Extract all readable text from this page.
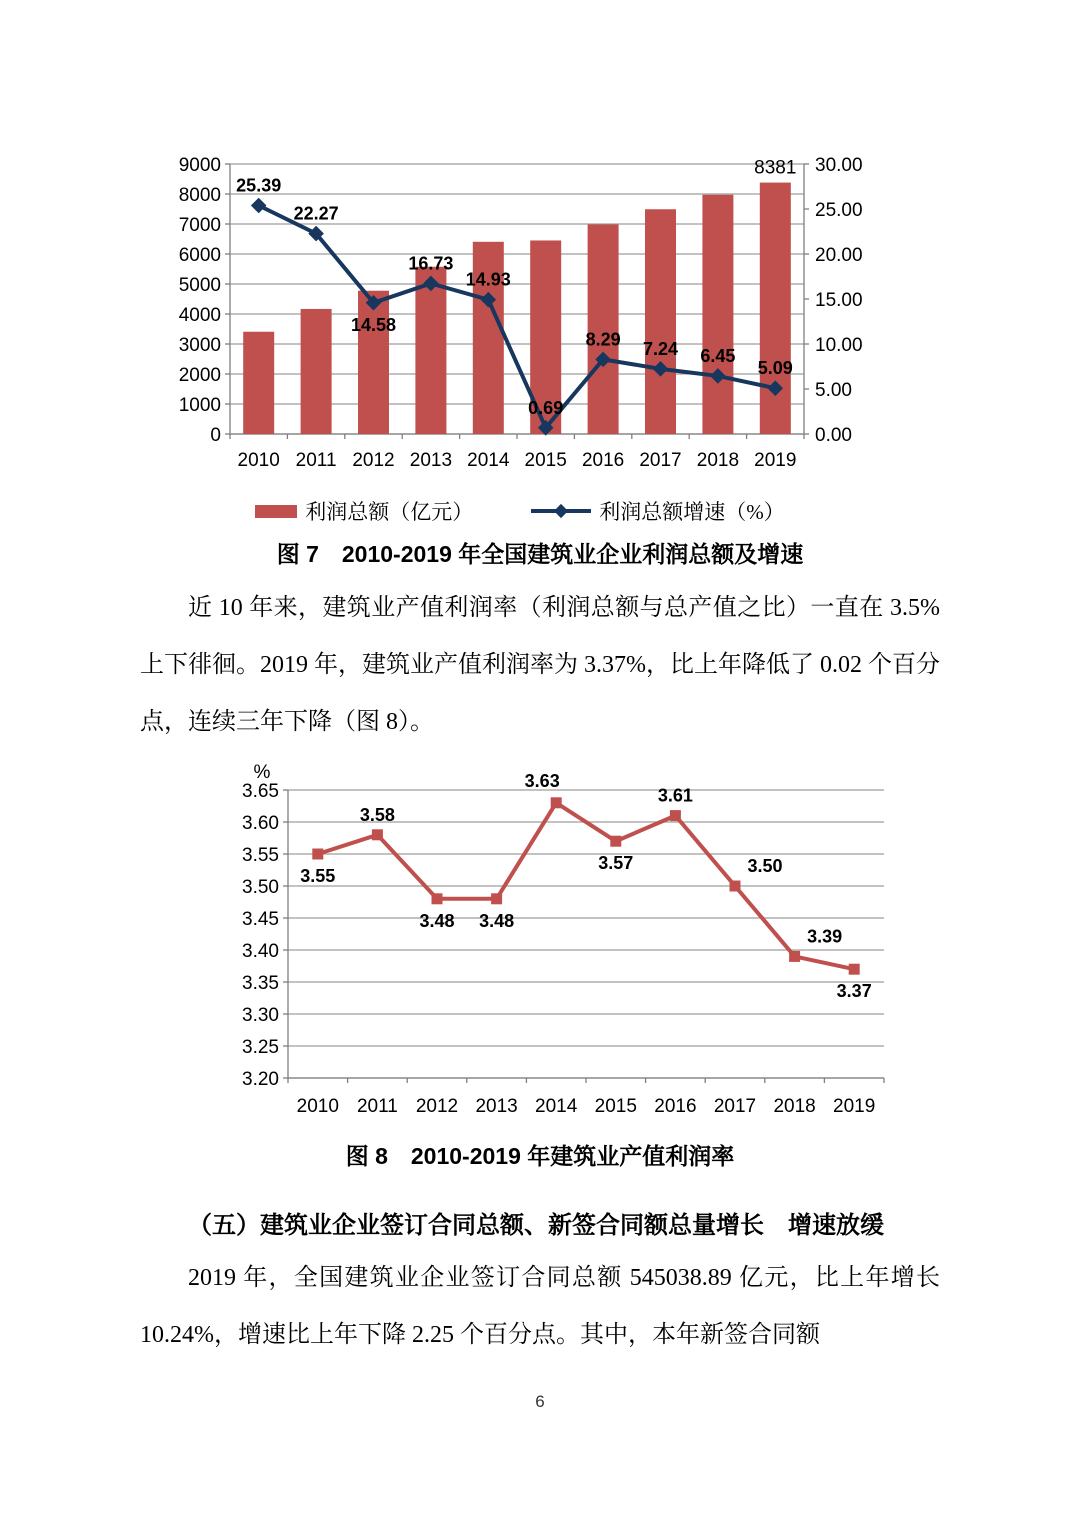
0
1000
2000
3000
4000
5000
6000
7000
8000
9000
0.00
5.00
10.00
15.00
20.00
25.00
30.00
2010 2011 2012 2013 2014 2015 2016 2017 2018 2019
8381
25.39
22.27
14.58
16.73
14.93
0.69
8.29 7.24 6.45
5.09
利润总额（亿元）	利润总额增速（%）
图 7　2010-2019 年全国建筑业企业利润总额及增速

近 10 年来，建筑业产值利润率（利润总额与总产值之比）一直在 3.5%上下徘徊。2019 年，建筑业产值利润率为 3.37%，比上年降低了 0.02 个百分点，连续三年下降（图 8）。

3.20
3.25
3.30
3.35
3.40
3.45
3.50
3.55
3.60
3.65
2010 2011 2012 2013 2014 2015 2016 2017 2018 2019
%
3.55
3.58
3.48 3.48
3.63
3.57
3.61
3.50
3.39
3.37
图 8　2010-2019 年建筑业产值利润率
（五）建筑业企业签订合同总额、新签合同额总量增长　增速放缓

2019 年，全国建筑业企业签订合同总额 545038.89 亿元，比上年增长 10.24%，增速比上年下降 2.25 个百分点。其中，本年新签合同额

6
